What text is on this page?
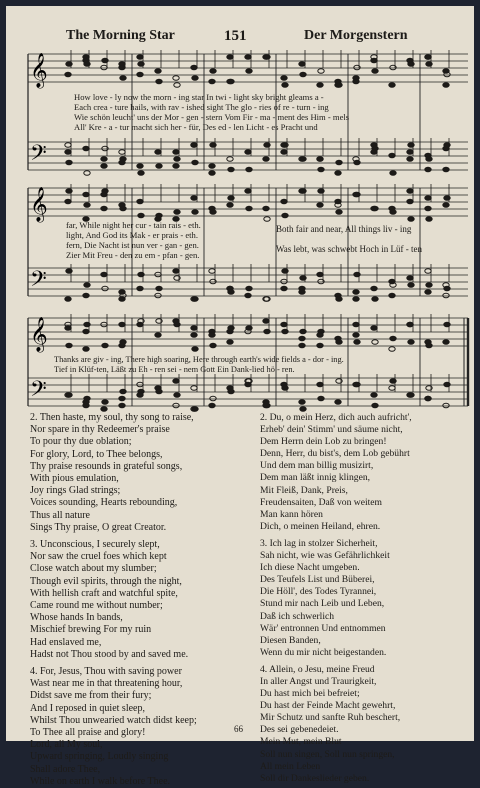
The Morning Star	151	Der Morgenstern
𝄞
𝄢
How love - ly now the morn - ing star In twi - light sky bright gleams a -
Each crea - ture hails, with rav - ished sight The glo - ries of re - turn - ing
Wie schön leucht' uns der Mor - gen - stern Vom Fir - ma - ment des Him - mels
All' Kre - a - tur macht sich her - für, Des ed - len Licht - es Pracht und
𝄞
𝄢
far, While night her cur - tain rais - eth.
light, And God its Mak - er prais - eth.
fern, Die Nacht ist nun ver - gan - gen.
Zier Mit Freu - den zu em - pfan - gen.
Both fair and near, All things liv - ing
Was lebt, was schwebt Hoch in Lüf - ten
𝄞
𝄢
Thanks are giv - ing, There high soaring, Here through earth's wide fields a - dor - ing.
Tief in Klüf-ten, Läßt zu Eh - ren sei - nem Gott Ein Dank-lied hö - ren.
2. Then haste, my soul, thy song to raise,
Nor spare in thy Redeemer's praise
To pour thy due oblation;
For glory, Lord, to Thee belongs,
Thy praise resounds in grateful songs,
With pious emulation,
Joy rings Glad strings;
Voices sounding, Hearts rebounding,
Thus all nature
Sings Thy praise, O great Creator.

3. Unconscious, I securely slept,
Nor saw the cruel foes which kept
Close watch about my slumber;
Though evil spirits, through the night,
With hellish craft and watchful spite,
Came round me without number;
Whose hands In bands,
Mischief brewing For my ruin
Had enslaved me,
Hadst not Thou stood by and saved me.

4. For, Jesus, Thou with saving power
Wast near me in that threatening hour,
Didst save me from their fury;
And I reposed in quiet sleep,
Whilst Thou unwearied watch didst keep;
To Thee all praise and glory!
Lord, all My soul,
Upward springing, Loudly singing
Shall adore Thee,
While on earth I walk before Thee.
2. Du, o mein Herz, dich auch aufricht',
Erheb' dein' Stimm' und säume nicht,
Dem Herrn dein Lob zu bringen!
Denn, Herr, du bist's, dem Lob gebührt
Und dem man billig musizirt,
Dem man läßt innig klingen,
Mit Fleiß, Dank, Preis,
Freudensaiten, Daß von weitem
Man kann hören
Dich, o meinen Heiland, ehren.

3. Ich lag in stolzer Sicherheit,
Sah nicht, wie was Gefährlichkeit
Ich diese Nacht umgeben.
Des Teufels List und Büberei,
Die Höll', des Todes Tyrannei,
Stund mir nach Leib und Leben,
Daß ich schwerlich
Wär' entronnen Und entnommen
Diesen Banden,
Wenn du mir nicht beigestanden.

4. Allein, o Jesu, meine Freud
In aller Angst und Traurigkeit,
Du hast mich bei befreiet;
Du hast der Feinde Macht gewehrt,
Mir Schutz und sanfte Ruh beschert,
Des sei gebenedeiet.
Mein Mut, mein Blut
Soll nun singen, Soll nun springen,
All mein Leben
Soll dir Dankeslieder geben.
66
